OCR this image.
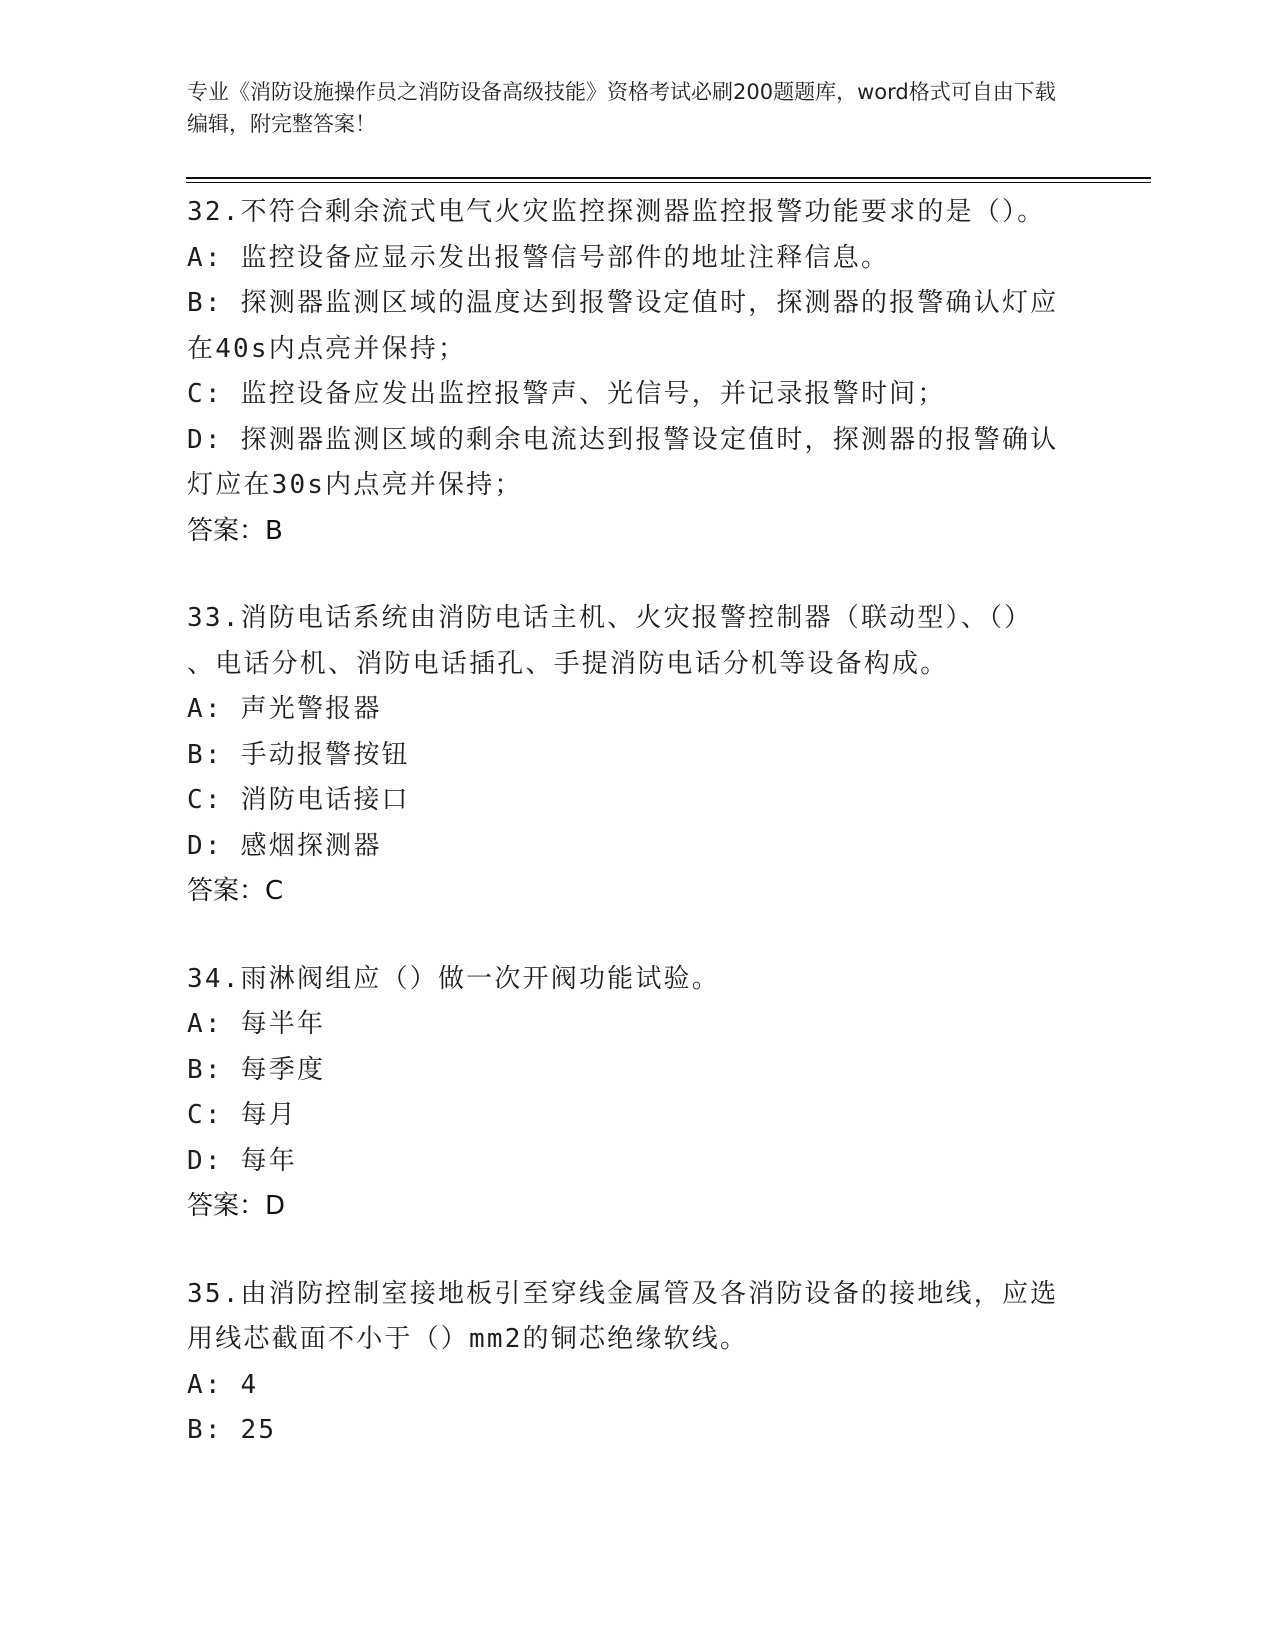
专业《消防设施操作员之消防设备高级技能》资格考试必刷200题题库，word格式可自由下载编辑，附完整答案！
32.不符合剩余流式电气火灾监控探测器监控报警功能要求的是（）。
A: 监控设备应显示发出报警信号部件的地址注释信息。
B: 探测器监测区域的温度达到报警设定值时，探测器的报警确认灯应
在40s内点亮并保持；
C: 监控设备应发出监控报警声、光信号，并记录报警时间；
D: 探测器监测区域的剩余电流达到报警设定值时，探测器的报警确认
灯应在30s内点亮并保持；
答案：B
33.消防电话系统由消防电话主机、火灾报警控制器（联动型）、（）
、电话分机、消防电话插孔、手提消防电话分机等设备构成。
A: 声光警报器
B: 手动报警按钮
C: 消防电话接口
D: 感烟探测器
答案：C
34.雨淋阀组应（）做一次开阀功能试验。
A: 每半年
B: 每季度
C: 每月
D: 每年
答案：D
35.由消防控制室接地板引至穿线金属管及各消防设备的接地线，应选
用线芯截面不小于（）mm2的铜芯绝缘软线。
A: 4
B: 25
